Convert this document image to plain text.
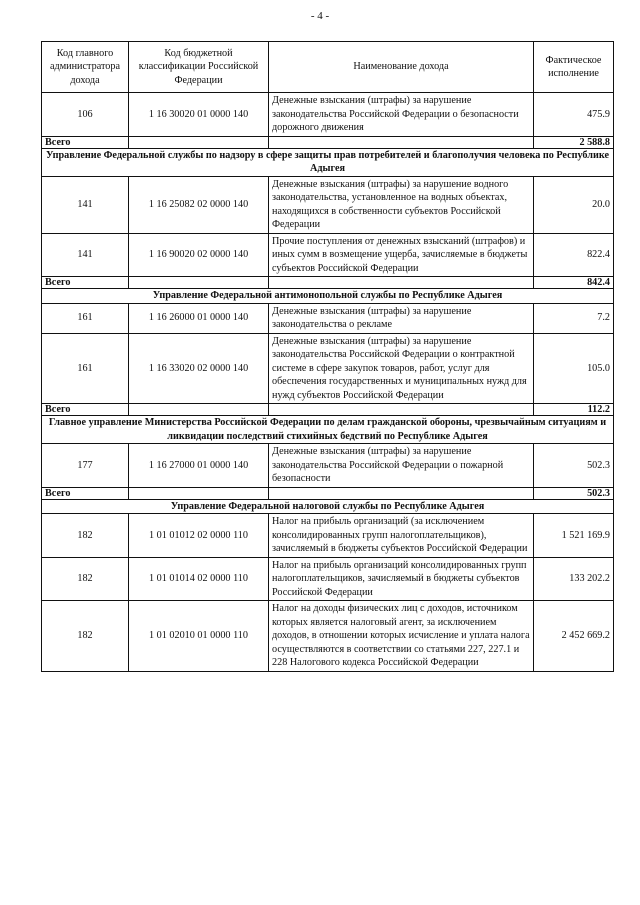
- 4 -
Код главного администратора дохода	Код бюджетной классификации Российской Федерации	Наименование дохода	Фактическое исполнение
106	1 16 30020 01 0000 140	Денежные взыскания (штрафы) за нарушение законодательства Российской Федерации о безопасности дорожного движения	475.9
Всего			2 588.8
Управление Федеральной службы по надзору в сфере защиты прав потребителей и благополучия человека по Республике Адыгея			
141	1 16 25082 02 0000 140	Денежные взыскания (штрафы) за нарушение водного законодательства, установленное на водных объектах, находящихся в собственности субъектов Российской Федерации	20.0
141	1 16 90020 02 0000 140	Прочие поступления от денежных взысканий (штрафов) и иных сумм в возмещение ущерба, зачисляемые в бюджеты субъектов Российской Федерации	822.4
Всего			842.4
Управление Федеральной антимонопольной службы по Республике Адыгея			
161	1 16 26000 01 0000 140	Денежные взыскания (штрафы) за нарушение законодательства о рекламе	7.2
161	1 16 33020 02 0000 140	Денежные взыскания (штрафы) за нарушение законодательства Российской Федерации о контрактной системе в сфере закупок товаров, работ, услуг для обеспечения государственных и муниципальных нужд для нужд субъектов Российской Федерации	105.0
Всего			112.2
Главное управление Министерства Российской Федерации по делам гражданской обороны, чрезвычайным ситуациям и ликвидации последствий стихийных бедствий по Республике Адыгея			
177	1 16 27000 01 0000 140	Денежные взыскания (штрафы) за нарушение законодательства Российской Федерации о пожарной безопасности	502.3
Всего			502.3
Управление Федеральной налоговой службы по Республике Адыгея			
182	1 01 01012 02 0000 110	Налог на прибыль организаций (за исключением консолидированных групп налогоплательщиков), зачисляемый в бюджеты субъектов Российской Федерации	1 521 169.9
182	1 01 01014 02 0000 110	Налог на прибыль организаций консолидированных групп налогоплательщиков, зачисляемый в бюджеты субъектов Российской Федерации	133 202.2
182	1 01 02010 01 0000 110	Налог на доходы физических лиц с доходов, источником которых является налоговый агент, за исключением доходов, в отношении которых исчисление и уплата налога осуществляются в соответствии со статьями 227, 227.1 и 228 Налогового кодекса Российской Федерации	2 452 669.2
